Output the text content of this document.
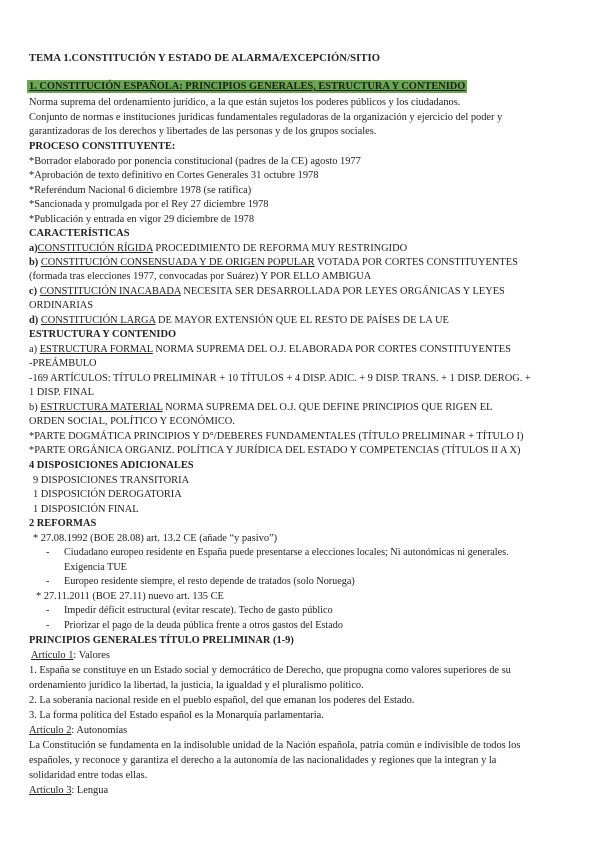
TEMA 1.CONSTITUCIÓN Y ESTADO DE ALARMA/EXCEPCIÓN/SITIO
1. CONSTITUCIÓN ESPAÑOLA: PRINCIPIOS GENERALES, ESTRUCTURA Y CONTENIDO
Norma suprema del ordenamiento jurídico, a la que están sujetos los poderes públicos y los ciudadanos.
Conjunto de normas e instituciones jurídicas fundamentales reguladoras de la organización y ejercicio del poder y
garantizadoras de los derechos y libertades de las personas y de los grupos sociales.
PROCESO CONSTITUYENTE:
*Borrador elaborado por ponencia constitucional (padres de la CE) agosto 1977
*Aprobación de texto definitivo en Cortes Generales 31 octubre 1978
*Referéndum Nacional 6 diciembre 1978 (se ratifica)
*Sancionada y promulgada por el Rey 27 diciembre 1978
*Publicación y entrada en vigor 29 diciembre de 1978
CARACTERÍSTICAS
a)CONSTITUCIÓN RÍGIDA PROCEDIMIENTO DE REFORMA MUY RESTRINGIDO
b) CONSTITUCIÓN CONSENSUADA Y DE ORIGEN POPULAR VOTADA POR CORTES CONSTITUYENTES
(formada tras elecciones 1977, convocadas por Suárez) Y POR ELLO AMBIGUA
c) CONSTITUCIÓN INACABADA NECESITA SER DESARROLLADA POR LEYES ORGÁNICAS Y LEYES
ORDINARIAS
d) CONSTITUCIÓN LARGA DE MAYOR EXTENSIÓN QUE EL RESTO DE PAÍSES DE LA UE
ESTRUCTURA Y CONTENIDO
a) ESTRUCTURA FORMAL NORMA SUPREMA DEL O.J. ELABORADA POR CORTES CONSTITUYENTES
-PREÁMBULO
-169 ARTÍCULOS: TÍTULO PRELIMINAR + 10 TÍTULOS + 4 DISP. ADIC. + 9 DISP. TRANS. + 1 DISP. DEROG. +
1 DISP. FINAL
b) ESTRUCTURA MATERIAL NORMA SUPREMA DEL O.J. QUE DEFINE PRINCIPIOS QUE RIGEN EL
ORDEN SOCIAL, POLÍTICO Y ECONÓMICO.
*PARTE DOGMÁTICA PRINCIPIOS Y D°/DEBERES FUNDAMENTALES (TÍTULO PRELIMINAR + TÍTULO I)
*PARTE ORGÁNICA ORGANIZ. POLÍTICA Y JURÍDICA DEL ESTADO Y COMPETENCIAS (TÍTULOS II A X)
4 DISPOSICIONES ADICIONALES
9 DISPOSICIONES TRANSITORIA
1 DISPOSICIÓN DEROGATORIA
1 DISPOSICIÓN FINAL
2 REFORMAS
* 27.08.1992 (BOE 28.08) art. 13.2 CE (añade “y pasivo”)
- Ciudadano europeo residente en España puede presentarse a elecciones locales; Ni autonómicas ni generales.
Exigencia TUE
- Europeo residente siempre, el resto depende de tratados (solo Noruega)
* 27.11.2011 (BOE 27.11) nuevo art. 135 CE
- Impedir déficit estructural (evitar rescate). Techo de gasto público
- Priorizar el pago de la deuda pública frente a otros gastos del Estado
PRINCIPIOS GENERALES TÍTULO PRELIMINAR (1-9)
Artículo 1: Valores
1. España se constituye en un Estado social y democrático de Derecho, que propugna como valores superiores de su
ordenamiento jurídico la libertad, la justicia, la igualdad y el pluralismo político.
2. La soberanía nacional reside en el pueblo español, del que emanan los poderes del Estado.
3. La forma política del Estado español es la Monarquía parlamentaria.
Artículo 2: Autonomías
La Constitución se fundamenta en la indisoluble unidad de la Nación española, patria común e indivisible de todos los
españoles, y reconoce y garantiza el derecho a la autonomía de las nacionalidades y regiones que la integran y la
solidaridad entre todas ellas.
Artículo 3: Lengua
